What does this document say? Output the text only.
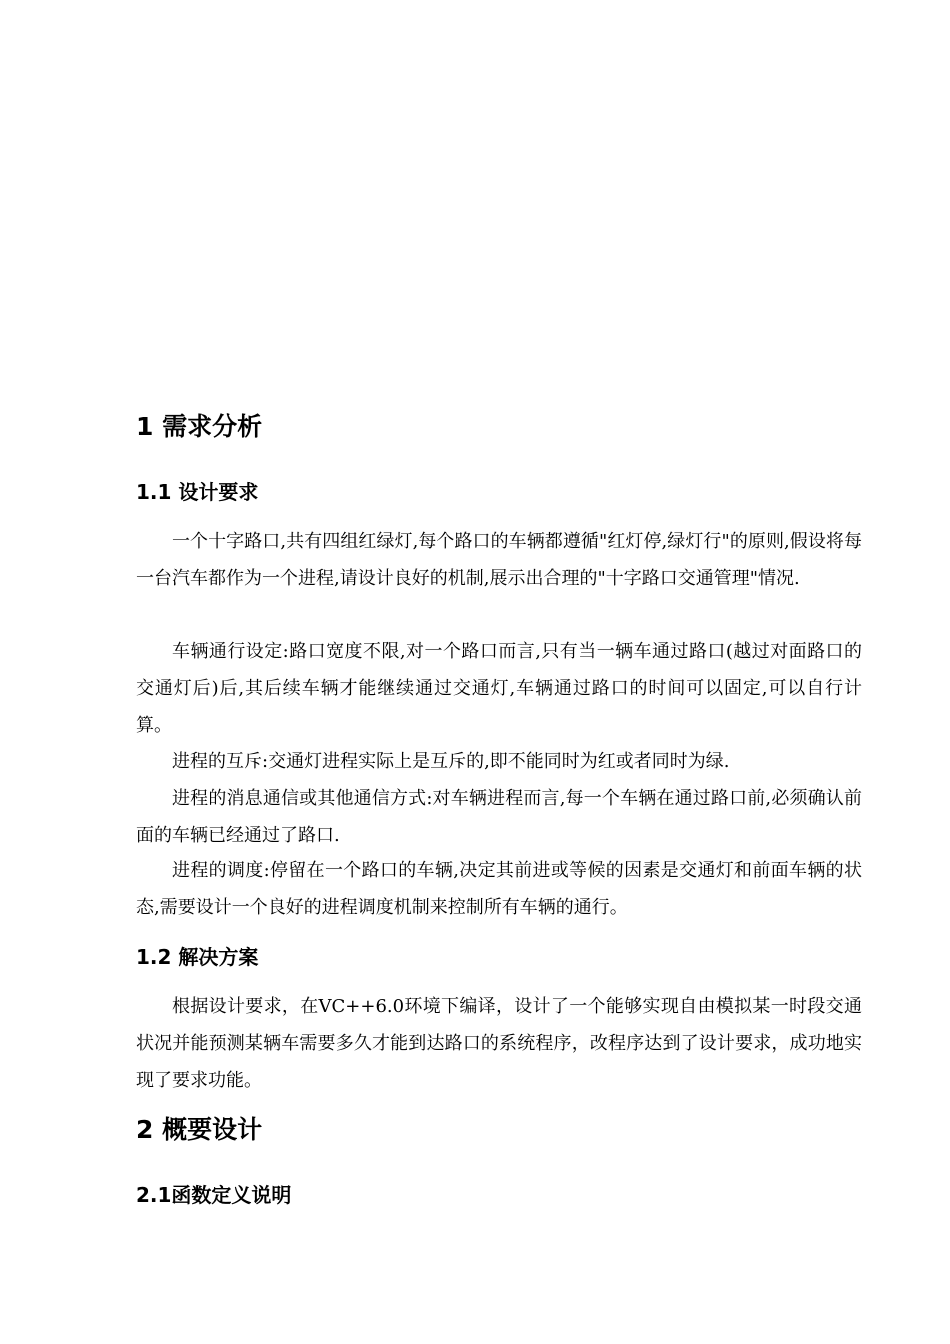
1 需求分析
1.1 设计要求

一个十字路口,共有四组红绿灯,每个路口的车辆都遵循"红灯停,绿灯行"的原则,假设将每一台汽车都作为一个进程,请设计良好的机制,展示出合理的"十字路口交通管理"情况.

车辆通行设定:路口宽度不限,对一个路口而言,只有当一辆车通过路口(越过对面路口的交通灯后)后,其后续车辆才能继续通过交通灯,车辆通过路口的时间可以固定,可以自行计算。

进程的互斥:交通灯进程实际上是互斥的,即不能同时为红或者同时为绿.

进程的消息通信或其他通信方式:对车辆进程而言,每一个车辆在通过路口前,必须确认前面的车辆已经通过了路口.

进程的调度:停留在一个路口的车辆,决定其前进或等候的因素是交通灯和前面车辆的状态,需要设计一个良好的进程调度机制来控制所有车辆的通行。

1.2 解决方案

根据设计要求，在VC++6.0环境下编译，设计了一个能够实现自由模拟某一时段交通状况并能预测某辆车需要多久才能到达路口的系统程序，改程序达到了设计要求，成功地实现了要求功能。

2 概要设计
2.1函数定义说明
